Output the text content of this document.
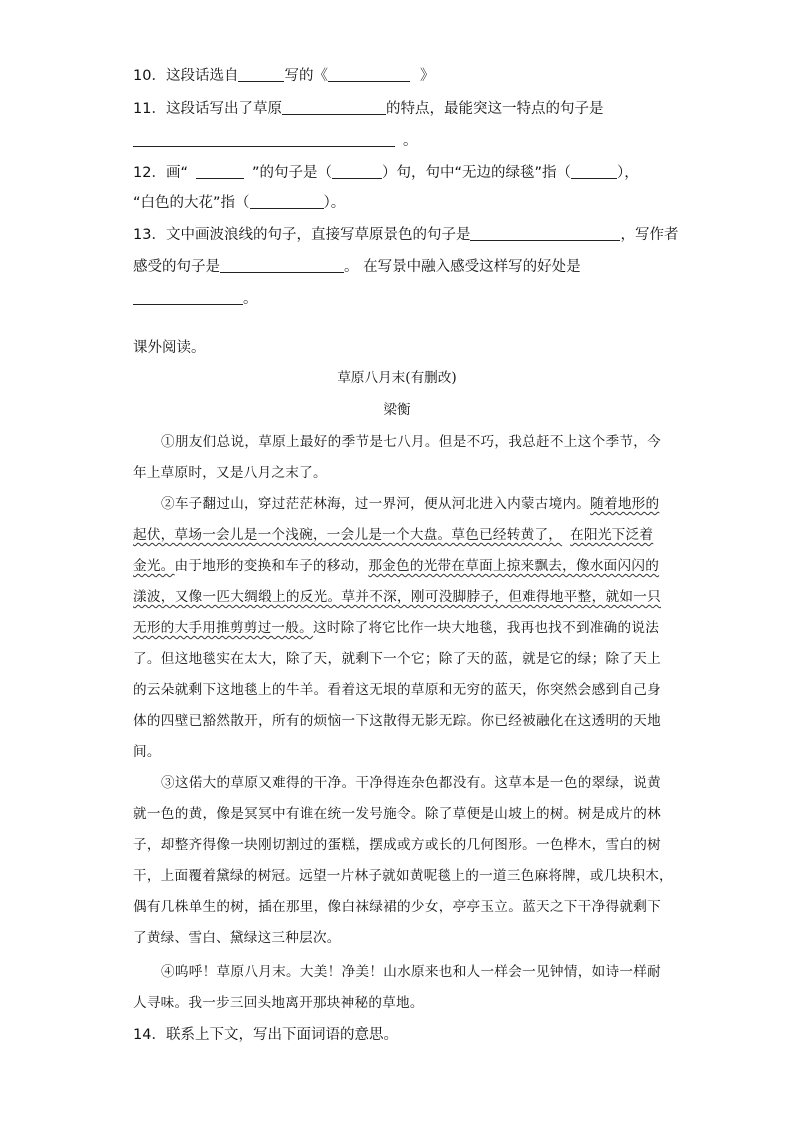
10．这段话选自	写的《	》
11．这段话写出了草原	的特点，最能突这一特点的句子是
。
12．画“	”的句子是（	）句，句中“无边的绿毯”指（	），
“白色的大花”指（	）。
13．文中画波浪线的句子，直接写草原景色的句子是	，写作者
感受的句子是	。 在写景中融入感受这样写的好处是
。
课外阅读。
草原八月末(有删改)
梁衡
①朋友们总说，草原上最好的季节是七八月。但是不巧，我总赶不上这个季节，今
年上草原时，又是八月之末了。
②车子翻过山，穿过茫茫林海，过一界河，便从河北进入内蒙古境内。随着地形的
起伏，草场一会儿是一个浅碗，一会儿是一个大盘。草色已经转黄了， 在阳光下泛着
金光。由于地形的变换和车子的移动，那金色的光带在草面上掠来飘去，像水面闪闪的
漾波，又像一匹大绸缎上的反光。草并不深，刚可没脚脖子，但难得地平整，就如一只
无形的大手用推剪剪过一般。这时除了将它比作一块大地毯，我再也找不到准确的说法
了。但这地毯实在太大，除了天，就剩下一个它；除了天的蓝，就是它的绿；除了天上
的云朵就剩下这地毯上的牛羊。看着这无垠的草原和无穷的蓝天，你突然会感到自己身
体的四壁已豁然散开，所有的烦恼一下这散得无影无踪。你已经被融化在这透明的天地
间。
③这偌大的草原又难得的干净。干净得连杂色都没有。这草本是一色的翠绿，说黄
就一色的黄，像是冥冥中有谁在统一发号施令。除了草便是山坡上的树。树是成片的林
子，却整齐得像一块刚切割过的蛋糕，摆成或方或长的几何图形。一色桦木，雪白的树
干，上面覆着黛绿的树冠。远望一片林子就如黄呢毯上的一道三色麻将牌，或几块积木，
偶有几株单生的树，插在那里，像白袜绿裙的少女，亭亭玉立。蓝天之下干净得就剩下
了黄绿、雪白、黛绿这三种层次。
④呜呼！草原八月末。大美！净美！山水原来也和人一样会一见钟情，如诗一样耐
人寻味。我一步三回头地离开那块神秘的草地。
14．联系上下文，写出下面词语的意思。
